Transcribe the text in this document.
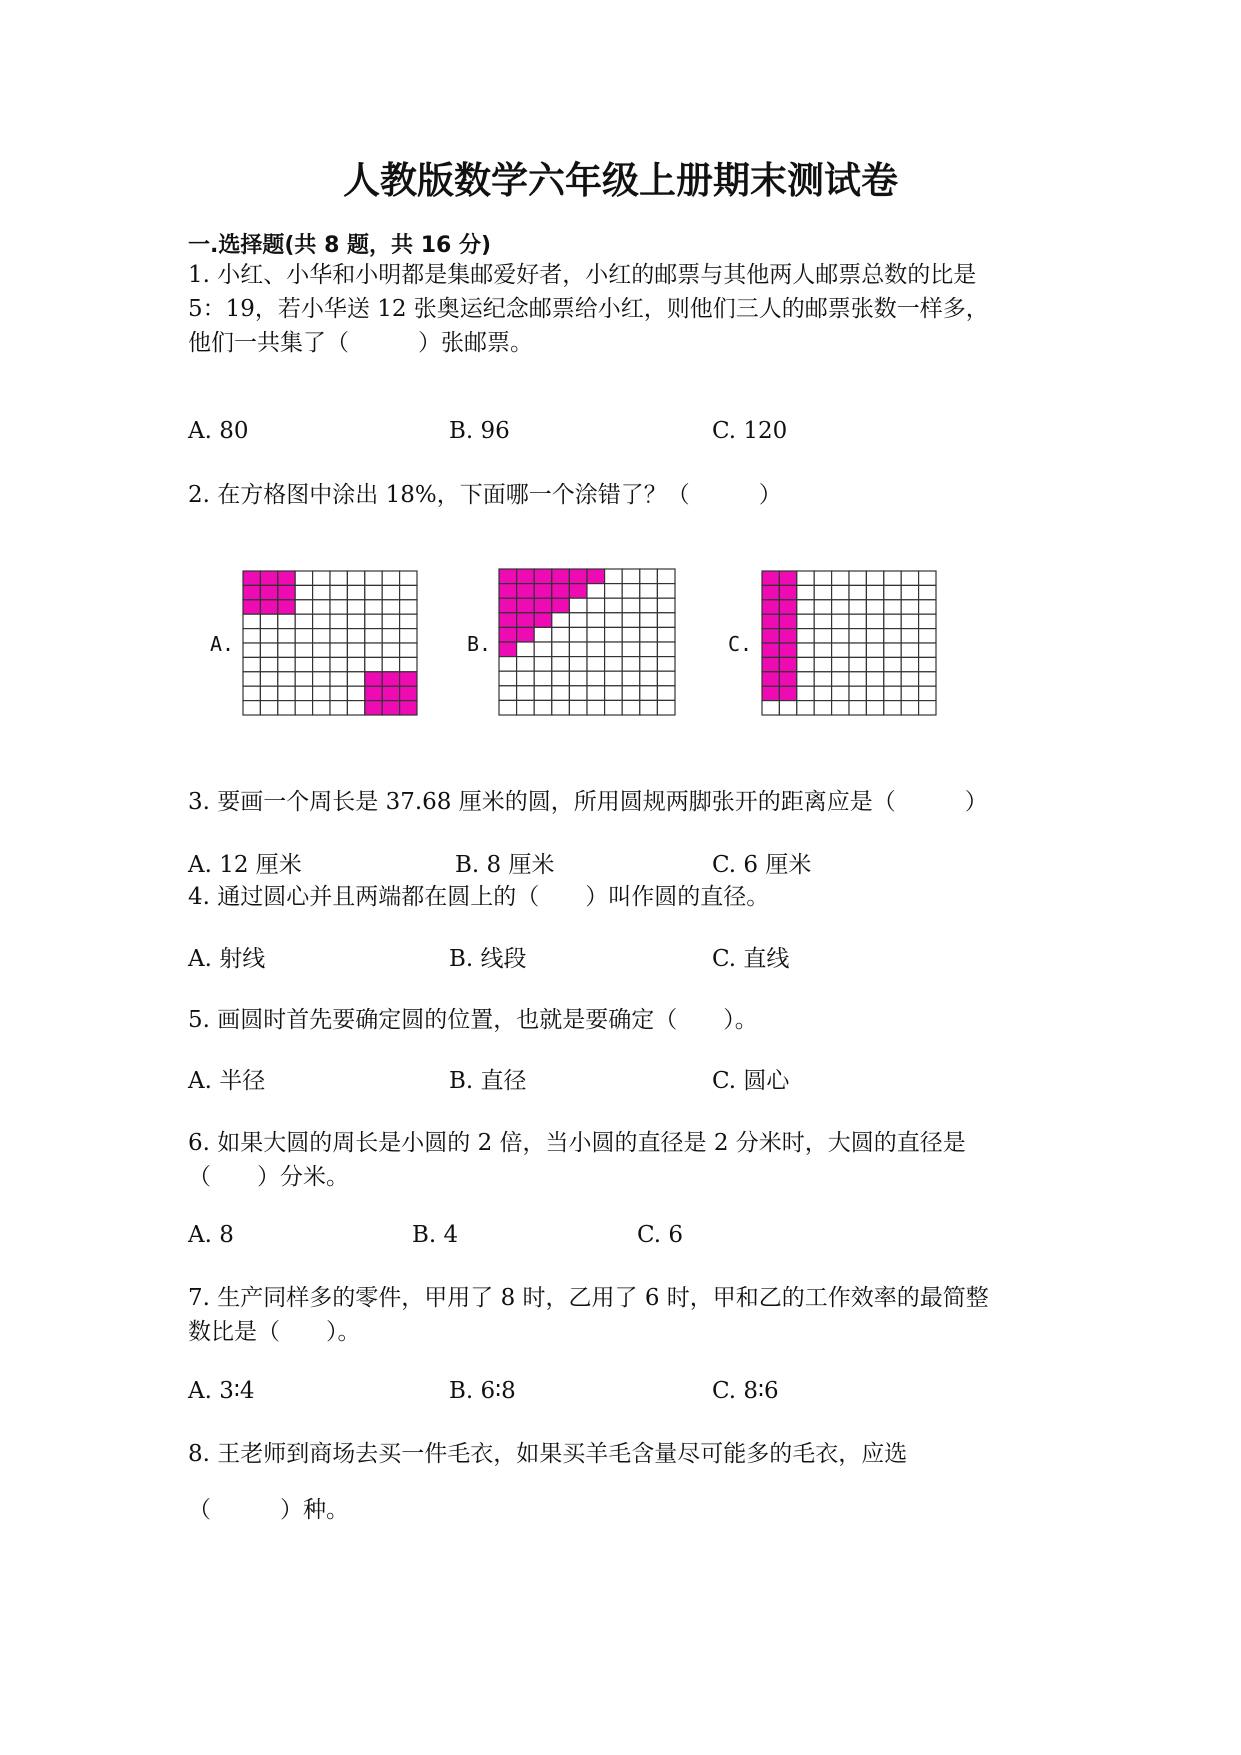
人教版数学六年级上册期末测试卷
一.选择题(共 8 题，共 16 分)
1. 小红、小华和小明都是集邮爱好者，小红的邮票与其他两人邮票总数的比是
5：19，若小华送 12 张奥运纪念邮票给小红，则他们三人的邮票张数一样多，
他们一共集了（　　　）张邮票。
A. 80	B. 96	C. 120
2. 在方格图中涂出 18%，下面哪一个涂错了？（　　　）
A.	B.	C.
3. 要画一个周长是 37.68 厘米的圆，所用圆规两脚张开的距离应是（　　　）
A. 12 厘米	B. 8 厘米	C. 6 厘米
4. 通过圆心并且两端都在圆上的（　　）叫作圆的直径。
A. 射线	B. 线段	C. 直线
5. 画圆时首先要确定圆的位置，也就是要确定（　　）。
A. 半径	B. 直径	C. 圆心
6. 如果大圆的周长是小圆的 2 倍，当小圆的直径是 2 分米时，大圆的直径是
（　　）分米。
A. 8	B. 4	C. 6
7. 生产同样多的零件，甲用了 8 时，乙用了 6 时，甲和乙的工作效率的最简整
数比是（　　）。
A. 3∶4	B. 6∶8	C. 8∶6
8. 王老师到商场去买一件毛衣，如果买羊毛含量尽可能多的毛衣，应选
（　　　）种。
